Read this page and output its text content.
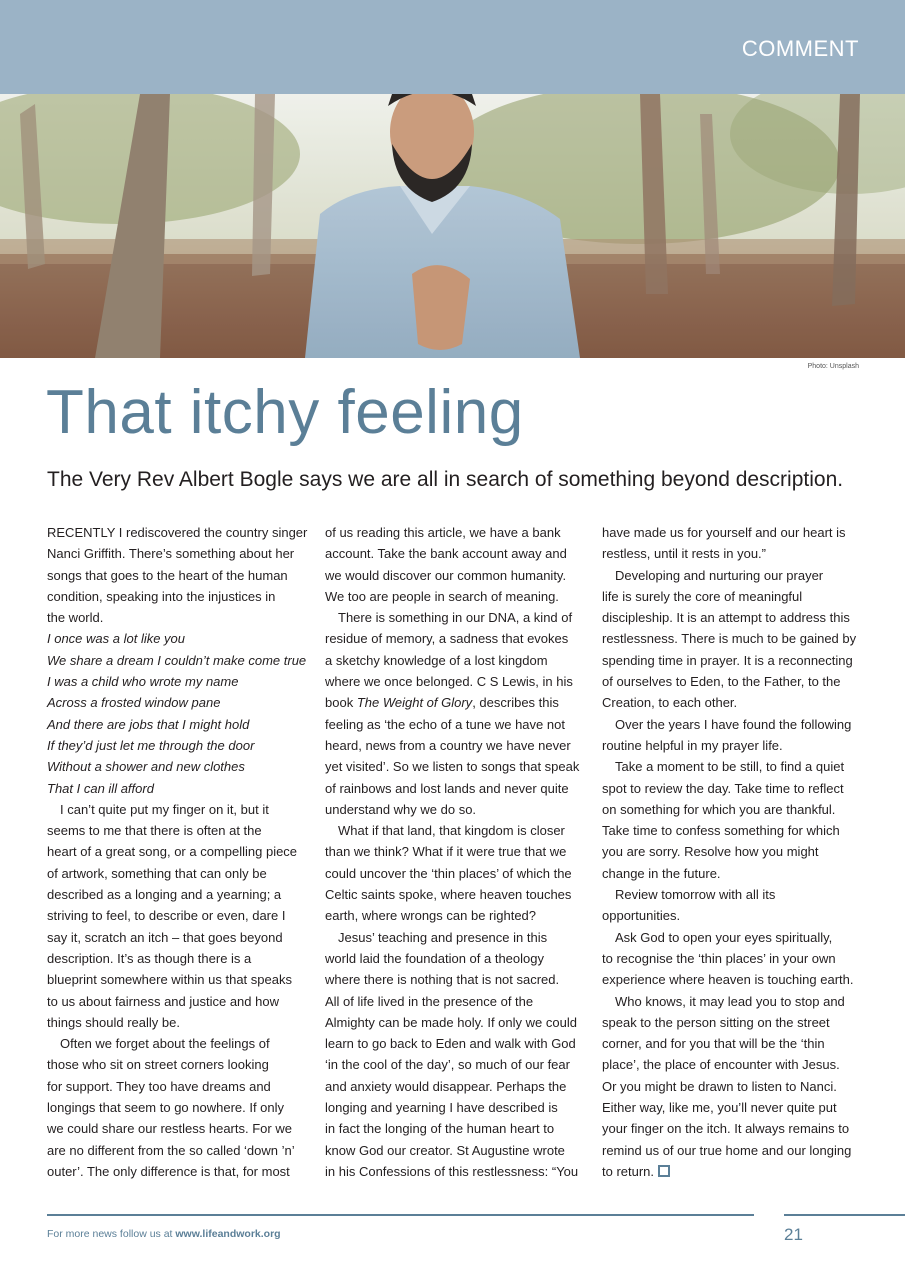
COMMENT
Photo: Unsplash
That itchy feeling

The Very Rev Albert Bogle says we are all in search of something beyond description.

RECENTLY I rediscovered the country singer

Nanci Griffith. There’s something about her

songs that goes to the heart of the human

condition, speaking into the injustices in

the world.

I once was a lot like you

We share a dream I couldn’t make come true

I was a child who wrote my name

Across a frosted window pane

And there are jobs that I might hold

If they’d just let me through the door

Without a shower and new clothes

That I can ill afford

I can’t quite put my finger on it, but it

seems to me that there is often at the

heart of a great song, or a compelling piece

of artwork, something that can only be

described as a longing and a yearning; a

striving to feel, to describe or even, dare I

say it, scratch an itch – that goes beyond

description. It’s as though there is a

blueprint somewhere within us that speaks

to us about fairness and justice and how

things should really be.

Often we forget about the feelings of

those who sit on street corners looking

for support. They too have dreams and

longings that seem to go nowhere. If only

we could share our restless hearts. For we

are no different from the so called ‘down ’n’

outer’. The only difference is that, for most

of us reading this article, we have a bank

account. Take the bank account away and

we would discover our common humanity.

We too are people in search of meaning.

There is something in our DNA, a kind of

residue of memory, a sadness that evokes

a sketchy knowledge of a lost kingdom

where we once belonged. C S Lewis, in his

book The Weight of Glory, describes this

feeling as ‘the echo of a tune we have not

heard, news from a country we have never

yet visited’. So we listen to songs that speak

of rainbows and lost lands and never quite

understand why we do so.

What if that land, that kingdom is closer

than we think? What if it were true that we

could uncover the ‘thin places’ of which the

Celtic saints spoke, where heaven touches

earth, where wrongs can be righted?

Jesus’ teaching and presence in this

world laid the foundation of a theology

where there is nothing that is not sacred.

All of life lived in the presence of the

Almighty can be made holy. If only we could

learn to go back to Eden and walk with God

‘in the cool of the day’, so much of our fear

and anxiety would disappear. Perhaps the

longing and yearning I have described is

in fact the longing of the human heart to

know God our creator. St Augustine wrote

in his Confessions of this restlessness: “You

have made us for yourself and our heart is

restless, until it rests in you.”

Developing and nurturing our prayer

life is surely the core of meaningful

discipleship. It is an attempt to address this

restlessness. There is much to be gained by

spending time in prayer. It is a reconnecting

of ourselves to Eden, to the Father, to the

Creation, to each other.

Over the years I have found the following

routine helpful in my prayer life.

Take a moment to be still, to find a quiet

spot to review the day. Take time to reflect

on something for which you are thankful.

Take time to confess something for which

you are sorry. Resolve how you might

change in the future.

Review tomorrow with all its

opportunities.

Ask God to open your eyes spiritually,

to recognise the ‘thin places’ in your own

experience where heaven is touching earth.

Who knows, it may lead you to stop and

speak to the person sitting on the street

corner, and for you that will be the ‘thin

place’, the place of encounter with Jesus.

Or you might be drawn to listen to Nanci.

Either way, like me, you’ll never quite put

your finger on the itch. It always remains to

remind us of our true home and our longing

to return.

For more news follow us at www.lifeandwork.org	21
